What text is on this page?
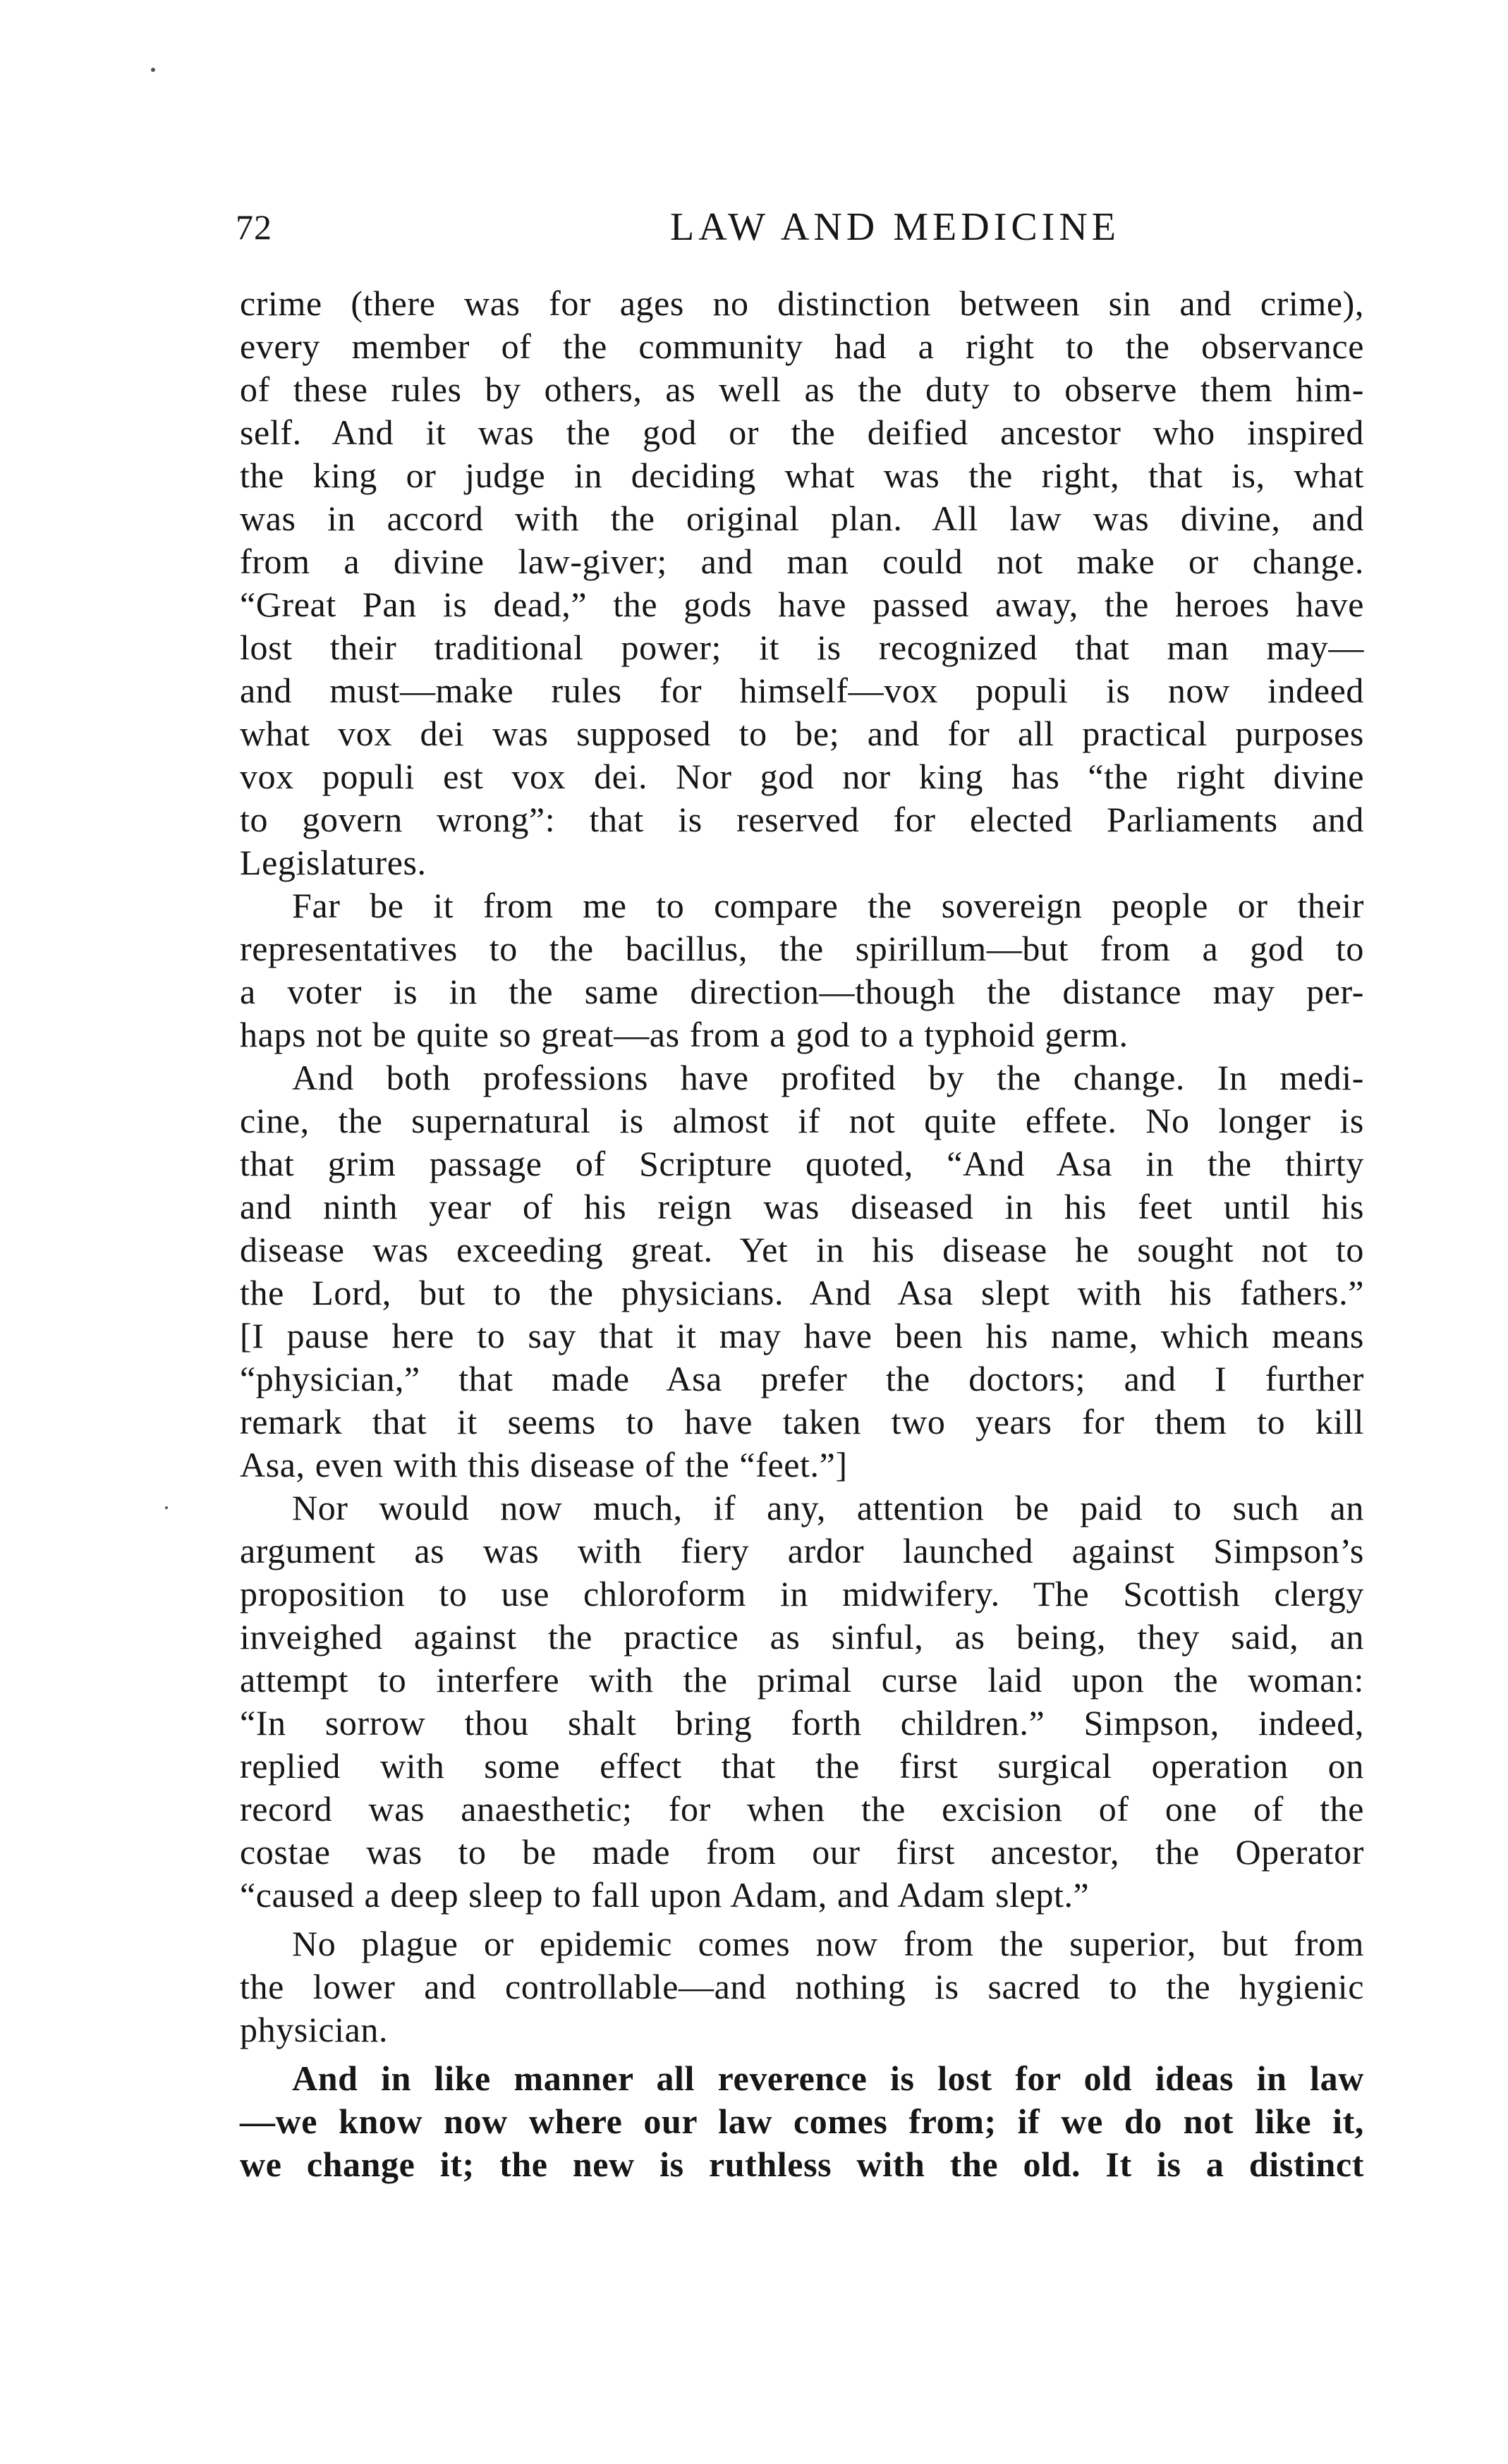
72	LAW AND MEDICINE
crime (there was for ages no distinction between sin and crime),
every member of the community had a right to the observance
of these rules by others, as well as the duty to observe them him-
self. And it was the god or the deified ancestor who inspired
the king or judge in deciding what was the right, that is, what
was in accord with the original plan. All law was divine, and
from a divine law-giver; and man could not make or change.
“Great Pan is dead,” the gods have passed away, the heroes have
lost their traditional power; it is recognized that man may—
and must—make rules for himself—vox populi is now indeed
what vox dei was supposed to be; and for all practical purposes
vox populi est vox dei. Nor god nor king has “the right divine
to govern wrong”: that is reserved for elected Parliaments and
Legislatures.
Far be it from me to compare the sovereign people or their
representatives to the bacillus, the spirillum—but from a god to
a voter is in the same direction—though the distance may per-
haps not be quite so great—as from a god to a typhoid germ.
And both professions have profited by the change. In medi-
cine, the supernatural is almost if not quite effete. No longer is
that grim passage of Scripture quoted, “And Asa in the thirty
and ninth year of his reign was diseased in his feet until his
disease was exceeding great. Yet in his disease he sought not to
the Lord, but to the physicians. And Asa slept with his fathers.”
[I pause here to say that it may have been his name, which means
“physician,” that made Asa prefer the doctors; and I further
remark that it seems to have taken two years for them to kill
Asa, even with this disease of the “feet.”]
Nor would now much, if any, attention be paid to such an
argument as was with fiery ardor launched against Simpson’s
proposition to use chloroform in midwifery. The Scottish clergy
inveighed against the practice as sinful, as being, they said, an
attempt to interfere with the primal curse laid upon the woman:
“In sorrow thou shalt bring forth children.” Simpson, indeed,
replied with some effect that the first surgical operation on
record was anaesthetic; for when the excision of one of the
costae was to be made from our first ancestor, the Operator
“caused a deep sleep to fall upon Adam, and Adam slept.”
No plague or epidemic comes now from the superior, but from
the lower and controllable—and nothing is sacred to the hygienic
physician.
And in like manner all reverence is lost for old ideas in law
—we know now where our law comes from; if we do not like it,
we change it; the new is ruthless with the old. It is a distinct
